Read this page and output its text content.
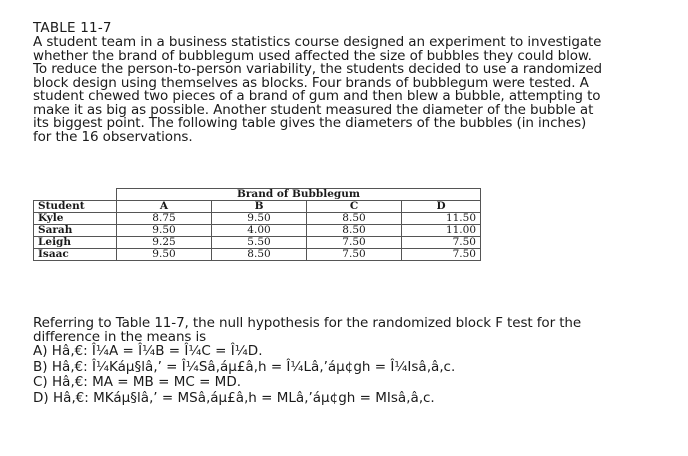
TABLE 11-7
A student team in a business statistics course designed an experiment to investigate
whether the brand of bubblegum used affected the size of bubbles they could blow.
To reduce the person-to-person variability, the students decided to use a randomized
block design using themselves as blocks. Four brands of bubblegum were tested. A
student chewed two pieces of a brand of gum and then blew a bubble, attempting to
make it as big as possible. Another student measured the diameter of the bubble at
its biggest point. The following table gives the diameters of the bubbles (in inches)
for the 16 observations.
	Brand of Bubblegum			
Student	A	B	C	D
Kyle	8.75	9.50	8.50	11.50
Sarah	9.50	4.00	8.50	11.00
Leigh	9.25	5.50	7.50	7.50
Isaac	9.50	8.50	7.50	7.50
Referring to Table 11-7, the null hypothesis for the randomized block F test for the
difference in the means is
A) Hâ‚€: Î¼A = Î¼B = Î¼C = Î¼D.
B) Hâ‚€: Î¼Káµ§lâ‚’ = Î¼Sâ‚áµ£â‚h = Î¼Lâ‚’áµ¢gh = Î¼Isâ‚â‚c.
C) Hâ‚€: MA = MB = MC = MD.
D) Hâ‚€: MKáµ§lâ‚’ = MSâ‚áµ£â‚h = MLâ‚’áµ¢gh = MIsâ‚â‚c.
